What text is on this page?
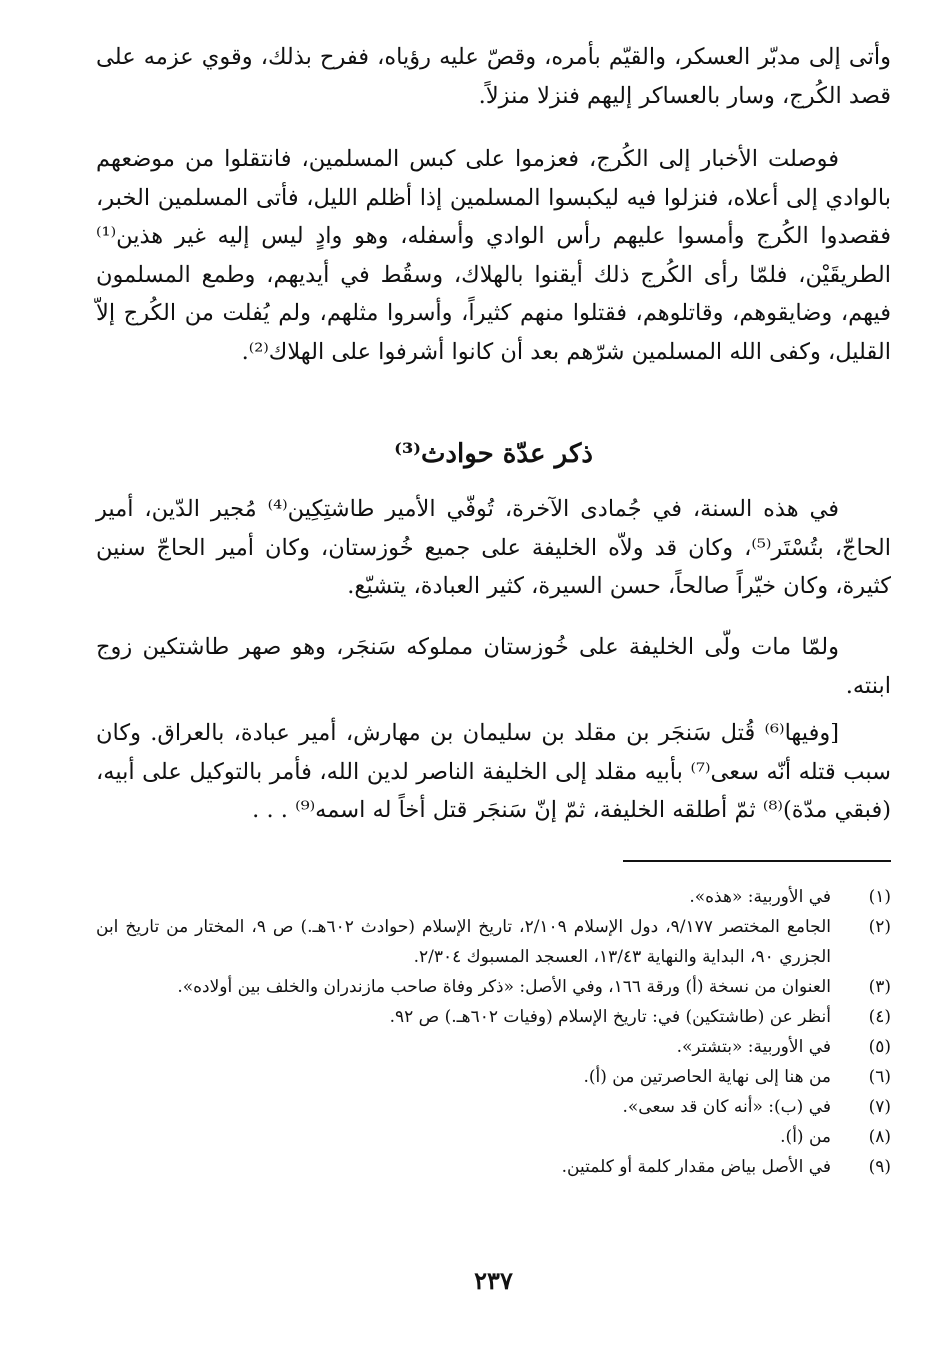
وأتى إلى مدبّر العسكر، والقيّم بأمره، وقصّ عليه رؤياه، ففرح بذلك، وقوي عزمه على قصد الكُرج، وسار بالعساكر إليهم فنزلا منزلاً.

فوصلت الأخبار إلى الكُرج، فعزموا على كبس المسلمين، فانتقلوا من موضعهم بالوادي إلى أعلاه، فنزلوا فيه ليكبسوا المسلمين إذا أظلم الليل، فأتى المسلمين الخبر، فقصدوا الكُرج وأمسوا عليهم رأس الوادي وأسفله، وهو وادٍ ليس إليه غير هذين⁽¹⁾ الطريقَيْن، فلمّا رأى الكُرج ذلك أيقنوا بالهلاك، وسقُط في أيديهم، وطمع المسلمون فيهم، وضايقوهم، وقاتلوهم، فقتلوا منهم كثيراً، وأسروا مثلهم، ولم يُفلت من الكُرج إلاّ القليل، وكفى الله المسلمين شرّهم بعد أن كانوا أشرفوا على الهلاك⁽²⁾.

ذكر عدّة حوادث⁽³⁾

في هذه السنة، في جُمادى الآخرة، تُوفّي الأمير طاشتِكِين⁽⁴⁾ مُجير الدّين، أمير الحاجّ، بتُسْتَر⁽⁵⁾، وكان قد ولاّه الخليفة على جميع خُوزستان، وكان أمير الحاجّ سنين كثيرة، وكان خيّراً صالحاً، حسن السيرة، كثير العبادة، يتشيّع.

ولمّا مات ولّى الخليفة على خُوزستان مملوكه سَنجَر، وهو صهر طاشتكين زوج ابنته.

[وفيها⁽⁶⁾ قُتل سَنجَر بن مقلد بن سليمان بن مهارش، أمير عبادة، بالعراق. وكان سبب قتله أنّه سعى⁽⁷⁾ بأبيه مقلد إلى الخليفة الناصر لدين الله، فأمر بالتوكيل على أبيه، (فبقي مدّة)⁽⁸⁾ ثمّ أطلقه الخليفة، ثمّ إنّ سَنجَر قتل أخاً له اسمه⁽⁹⁾ . . .

(١)
في الأوربية: «هذه».
(٢)
الجامع المختصر ٩/١٧٧، دول الإسلام ٢/١٠٩، تاريخ الإسلام (حوادث ٦٠٢هـ.) ص ٩، المختار من تاريخ ابن الجزري ٩٠، البداية والنهاية ١٣/٤٣، العسجد المسبوك ٢/٣٠٤.
(٣)
العنوان من نسخة (أ) ورقة ١٦٦، وفي الأصل: «ذكر وفاة صاحب مازندران والخلف بين أولاده».
(٤)
أنظر عن (طاشتكين) في: تاريخ الإسلام (وفيات ٦٠٢هـ.) ص ٩٢.
(٥)
في الأوربية: «بتشتر».
(٦)
من هنا إلى نهاية الحاصرتين من (أ).
(٧)
في (ب): «أنه كان قد سعى».
(٨)
من (أ).
(٩)
في الأصل بياض مقدار كلمة أو كلمتين.
٢٣٧
